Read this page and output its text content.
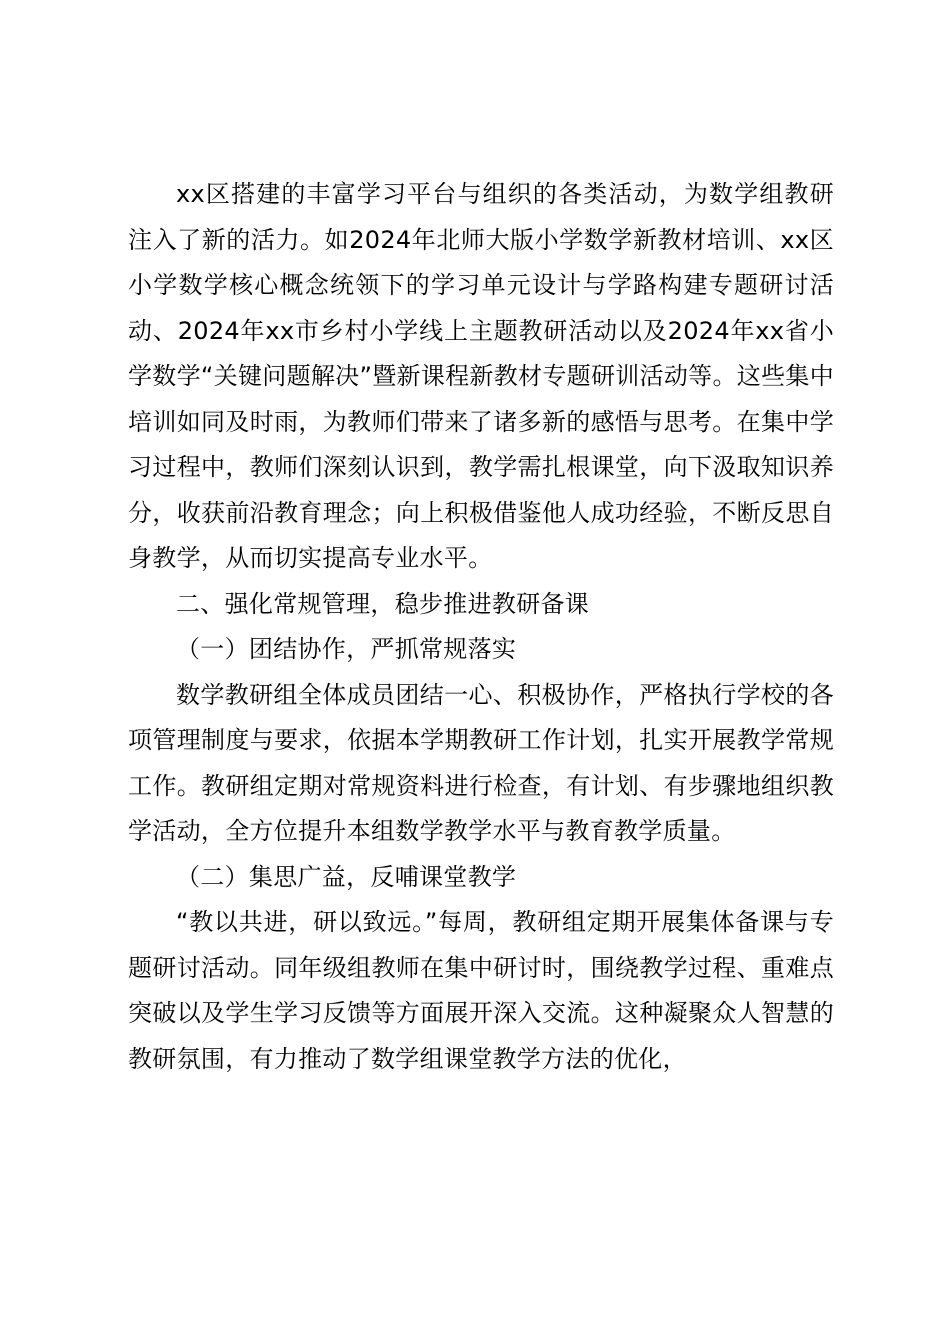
xx区搭建的丰富学习平台与组织的各类活动，为数学组教研注入了新的活力。如2024年北师大版小学数学新教材培训、xx区小学数学核心概念统领下的学习单元设计与学路构建专题研讨活动、2024年xx市乡村小学线上主题教研活动以及2024年xx省小学数学“关键问题解决”暨新课程新教材专题研训活动等。这些集中培训如同及时雨，为教师们带来了诸多新的感悟与思考。在集中学习过程中，教师们深刻认识到，教学需扎根课堂，向下汲取知识养分，收获前沿教育理念；向上积极借鉴他人成功经验，不断反思自身教学，从而切实提高专业水平。

二、强化常规管理，稳步推进教研备课

（一）团结协作，严抓常规落实

数学教研组全体成员团结一心、积极协作，严格执行学校的各项管理制度与要求，依据本学期教研工作计划，扎实开展教学常规工作。教研组定期对常规资料进行检查，有计划、有步骤地组织教学活动，全方位提升本组数学教学水平与教育教学质量。

（二）集思广益，反哺课堂教学

“教以共进，研以致远。”每周，教研组定期开展集体备课与专题研讨活动。同年级组教师在集中研讨时，围绕教学过程、重难点突破以及学生学习反馈等方面展开深入交流。这种凝聚众人智慧的教研氛围，有力推动了数学组课堂教学方法的优化，
